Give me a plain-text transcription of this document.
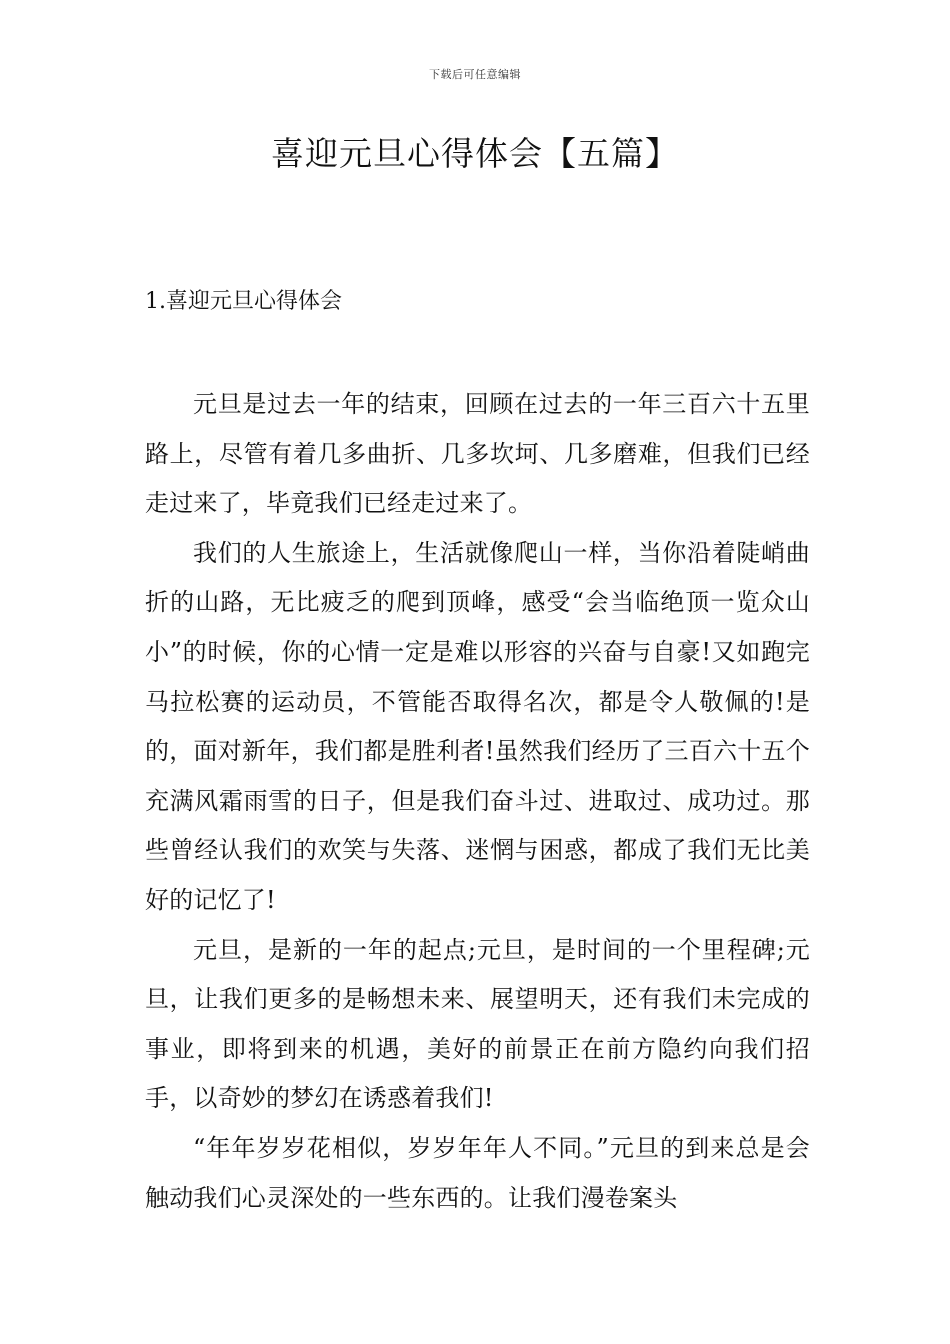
下载后可任意编辑
喜迎元旦心得体会【五篇】
1.喜迎元旦心得体会

元旦是过去一年的结束，回顾在过去的一年三百六十五里路上，尽管有着几多曲折、几多坎坷、几多磨难，但我们已经走过来了，毕竟我们已经走过来了。

我们的人生旅途上，生活就像爬山一样，当你沿着陡峭曲折的山路，无比疲乏的爬到顶峰，感受“会当临绝顶一览众山小”的时候，你的心情一定是难以形容的兴奋与自豪!又如跑完马拉松赛的运动员，不管能否取得名次，都是令人敬佩的!是的，面对新年，我们都是胜利者!虽然我们经历了三百六十五个充满风霜雨雪的日子，但是我们奋斗过、进取过、成功过。那些曾经认我们的欢笑与失落、迷惘与困惑，都成了我们无比美好的记忆了!

元旦，是新的一年的起点;元旦，是时间的一个里程碑;元旦，让我们更多的是畅想未来、展望明天，还有我们未完成的事业，即将到来的机遇，美好的前景正在前方隐约向我们招手，以奇妙的梦幻在诱惑着我们!

“年年岁岁花相似，岁岁年年人不同。”元旦的到来总是会触动我们心灵深处的一些东西的。让我们漫卷案头
